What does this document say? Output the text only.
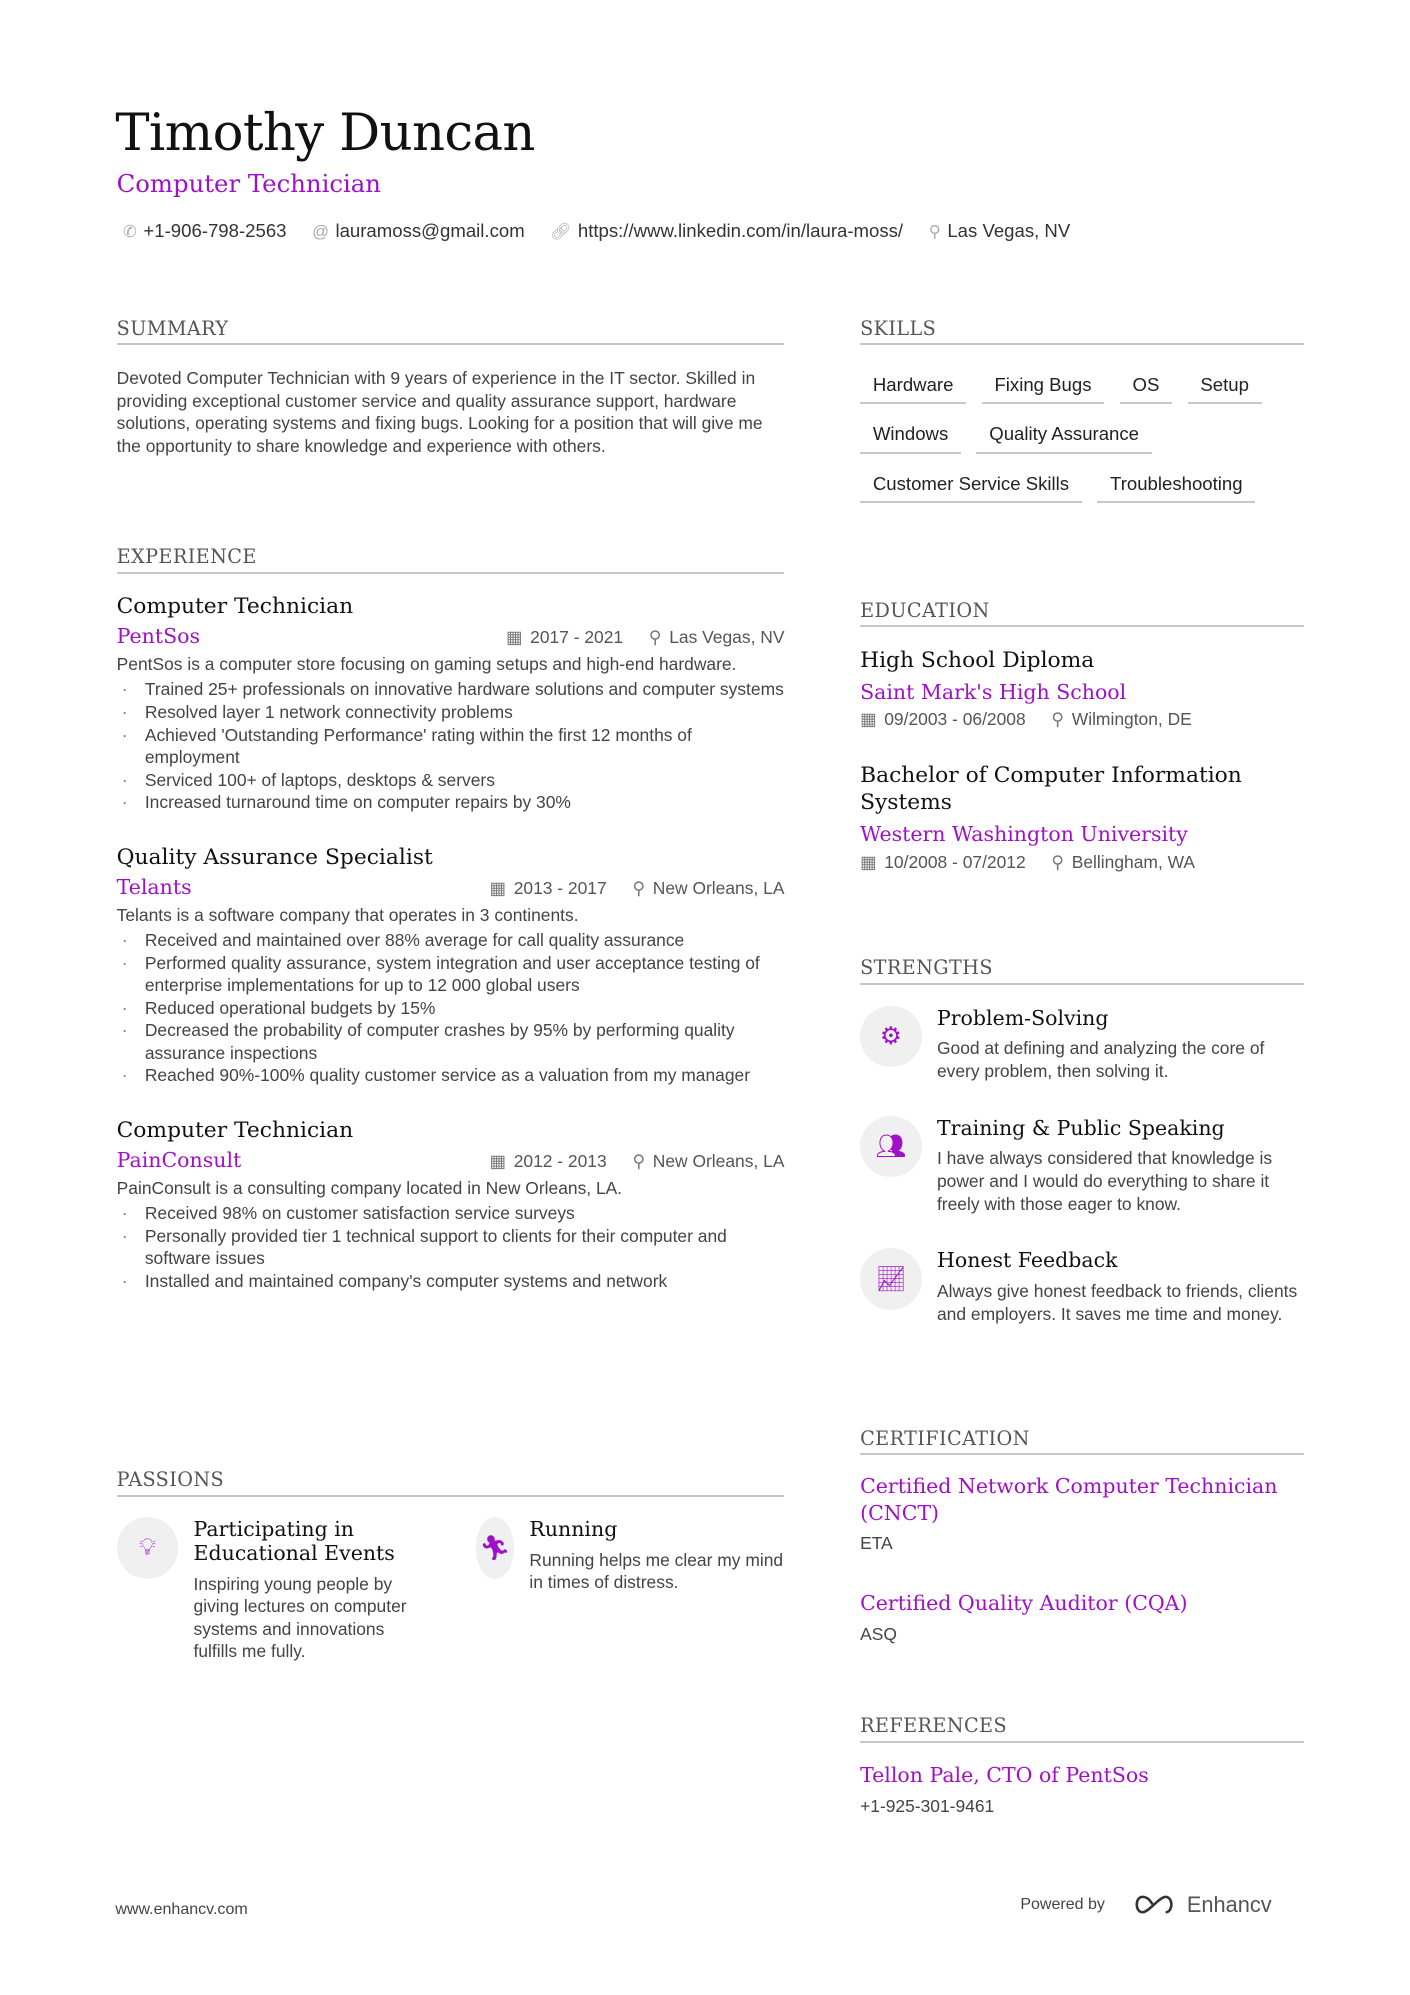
Timothy Duncan
Computer Technician
✆ +1-906-798-2563 @ lauramoss@gmail.com 🔗︎ https://www.linkedin.com/in/laura-moss/ ⚲ Las Vegas, NV
SUMMARY

Devoted Computer Technician with 9 years of experience in the IT sector. Skilled in providing exceptional customer service and quality assurance support, hardware solutions, operating systems and fixing bugs. Looking for a position that will give me the opportunity to share knowledge and experience with others.

EXPERIENCE
Computer Technician
PentSos	▦ 2017 - 2021 ⚲ Las Vegas, NV

PentSos is a computer store focusing on gaming setups and high-end hardware.

· Trained 25+ professionals on innovative hardware solutions and computer systems
· Resolved layer 1 network connectivity problems
· Achieved 'Outstanding Performance' rating within the first 12 months of employment
· Serviced 100+ of laptops, desktops & servers
· Increased turnaround time on computer repairs by 30%
Quality Assurance Specialist
Telants	▦ 2013 - 2017 ⚲ New Orleans, LA

Telants is a software company that operates in 3 continents.

· Received and maintained over 88% average for call quality assurance
· Performed quality assurance, system integration and user acceptance testing of enterprise implementations for up to 12 000 global users
· Reduced operational budgets by 15%
· Decreased the probability of computer crashes by 95% by performing quality assurance inspections
· Reached 90%-100% quality customer service as a valuation from my manager
Computer Technician
PainConsult	▦ 2012 - 2013 ⚲ New Orleans, LA

PainConsult is a consulting company located in New Orleans, LA.

· Received 98% on customer satisfaction service surveys
· Personally provided tier 1 technical support to clients for their computer and software issues
· Installed and maintained company's computer systems and network
PASSIONS
💡︎
Participating in Educational Events

Inspiring young people by giving lectures on computer systems and innovations fulfills me fully.

🏃︎
Running

Running helps me clear my mind in times of distress.

SKILLS
Hardware	Fixing Bugs	OS	Setup
Windows	Quality Assurance
Customer Service Skills	Troubleshooting
EDUCATION
High School Diploma
Saint Mark's High School
▦ 09/2003 - 06/2008 ⚲ Wilmington, DE
Bachelor of Computer Information Systems
Western Washington University
▦ 10/2008 - 07/2012 ⚲ Bellingham, WA
STRENGTHS
⚙
Problem-Solving

Good at defining and analyzing the core of every problem, then solving it.

👥︎
Training & Public Speaking

I have always considered that knowledge is power and I would do everything to share it freely with those eager to know.

📈︎
Honest Feedback

Always give honest feedback to friends, clients and employers. It saves me time and money.

CERTIFICATION
Certified Network Computer Technician (CNCT)
ETA
Certified Quality Auditor (CQA)
ASQ
REFERENCES
Tellon Pale, CTO of PentSos
+1-925-301-9461
www.enhancv.com	Powered by	Enhancv
